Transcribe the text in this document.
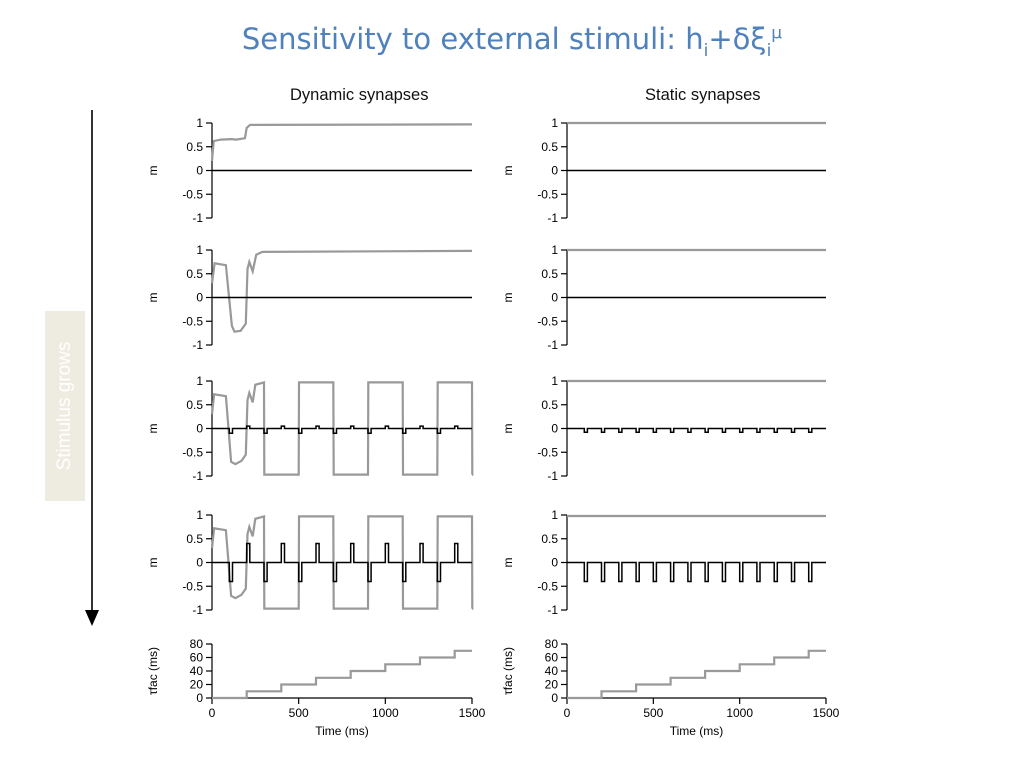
Sensitivity to external stimuli: $h_i+\delta\xi_i^\mu$
Dynamic synapses	Static synapses
Stimulus grows
1
0.5
0
-0.5
-1
m
1
0.5
0
-0.5
-1
m
1
0.5
0
-0.5
-1
m
1
0.5
0
-0.5
-1
m
80
60
40
20
0
τfac (ms)
0	500	1000	1500
Time (ms)
1
0.5
0
-0.5
-1
m
1
0.5
0
-0.5
-1
m
1
0.5
0
-0.5
-1
m
1
0.5
0
-0.5
-1
m
80
60
40
20
0
τfac (ms)
0	500	1000	1500
Time (ms)
